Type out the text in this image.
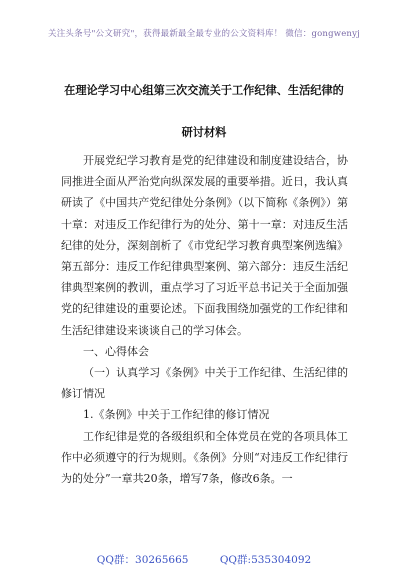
关注头条号"公文研究"，获得最新最全最专业的公文资料库！ 微信：gongwenyj
在理论学习中心组第三次交流关于工作纪律、生活纪律的
研讨材料

开展党纪学习教育是党的纪律建设和制度建设结合，协同推进全面从严治党向纵深发展的重要举措。近日，我认真研读了《中国共产党纪律处分条例》（以下简称《条例》）第十章：对违反工作纪律行为的处分、第十一章：对违反生活纪律的处分，深刻剖析了《市党纪学习教育典型案例选编》第五部分：违反工作纪律典型案例、第六部分：违反生活纪律典型案例的教训，重点学习了习近平总书记关于全面加强党的纪律建设的重要论述。下面我围绕加强党的工作纪律和生活纪律建设来谈谈自己的学习体会。

一、心得体会

（一）认真学习《条例》中关于工作纪律、生活纪律的修订情况

1.《条例》中关于工作纪律的修订情况

工作纪律是党的各级组织和全体党员在党的各项具体工作中必须遵守的行为规则。《条例》分则“对违反工作纪律行为的处分”一章共20条，增写7条，修改6条。一

QQ群：30265665	QQ群:535304092
